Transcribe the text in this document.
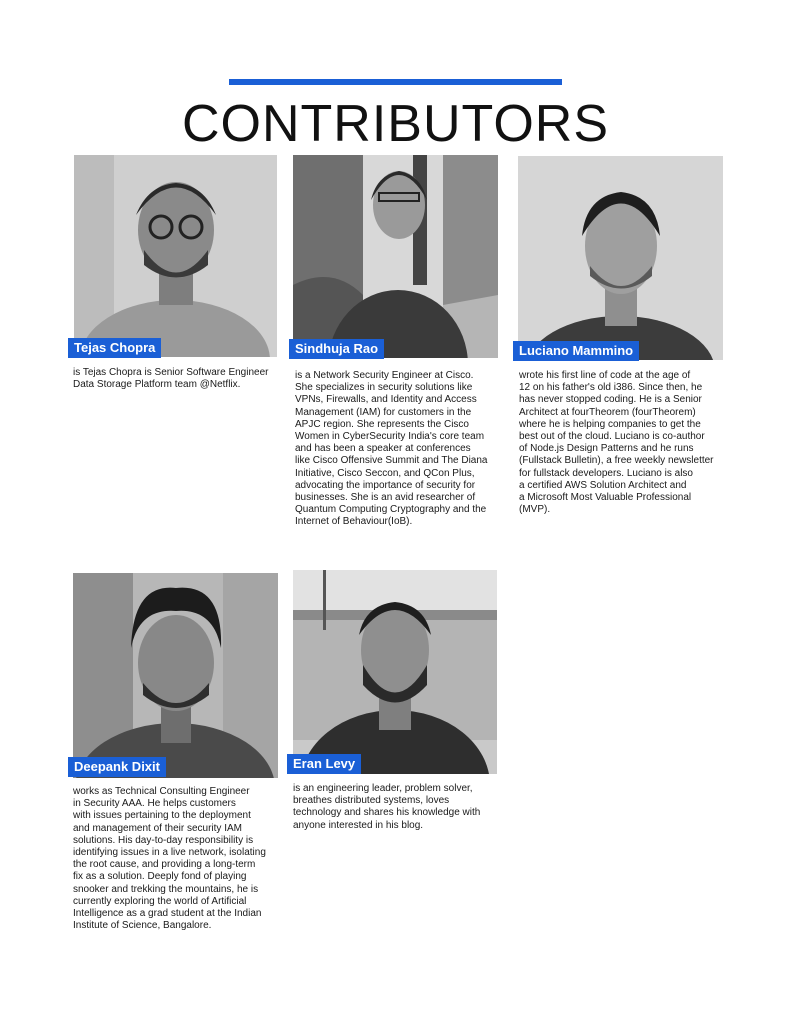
CONTRIBUTORS
Tejas Chopra

is Tejas Chopra is Senior Software Engineer
Data Storage Platform team @Netflix.

Sindhuja Rao

is a Network Security Engineer at Cisco.
She specializes in security solutions like
VPNs, Firewalls, and Identity and Access
Management (IAM) for customers in the
APJC region. She represents the Cisco
Women in CyberSecurity India's core team
and has been a speaker at conferences
like Cisco Offensive Summit and The Diana
Initiative, Cisco Seccon, and QCon Plus,
advocating the importance of security for
businesses. She is an avid researcher of
Quantum Computing Cryptography and the
Internet of Behaviour(IoB).

Luciano Mammino

wrote his first line of code at the age of
12 on his father's old i386. Since then, he
has never stopped coding. He is a Senior
Architect at fourTheorem (fourTheorem)
where he is helping companies to get the
best out of the cloud. Luciano is co-author
of Node.js Design Patterns and he runs
(Fullstack Bulletin), a free weekly newsletter
for fullstack developers. Luciano is also
a certified AWS Solution Architect and
a Microsoft Most Valuable Professional
(MVP).

Deepank Dixit

works as Technical Consulting Engineer
in Security AAA. He helps customers
with issues pertaining to the deployment
and management of their security IAM
solutions. His day-to-day responsibility is
identifying issues in a live network, isolating
the root cause, and providing a long-term
fix as a solution. Deeply fond of playing
snooker and trekking the mountains, he is
currently exploring the world of Artificial
Intelligence as a grad student at the Indian
Institute of Science, Bangalore.

Eran Levy

is an engineering leader, problem solver,
breathes distributed systems, loves
technology and shares his knowledge with
anyone interested in his blog.
